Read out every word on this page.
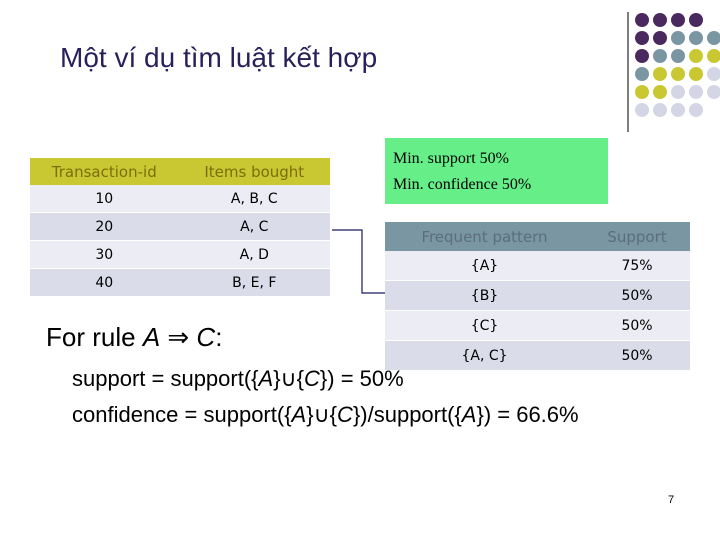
Một ví dụ tìm luật kết hợp
Transaction-id	Items bought
10	A, B, C
20	A, C
30	A, D
40	B, E, F
Min. support 50%
Min. confidence 50%
Frequent pattern	Support
{A}	75%
{B}	50%
{C}	50%
{A, C}	50%
For rule A ⇒ C:
support = support({A}∪{C}) = 50%
confidence = support({A}∪{C})/support({A}) = 66.6%
7
